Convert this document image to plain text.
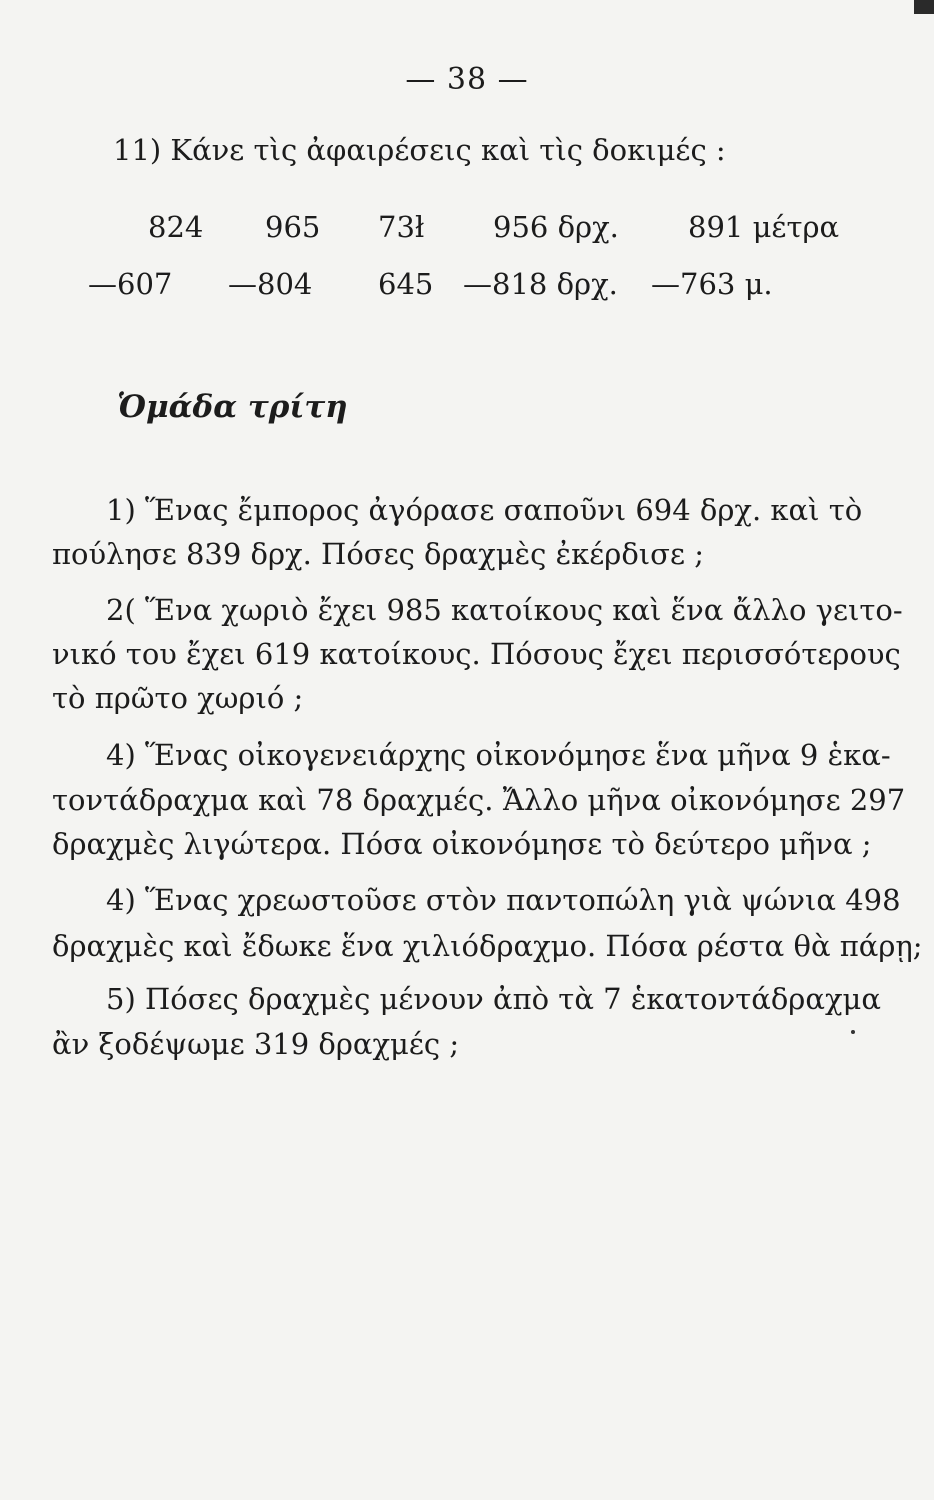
— 38 —
11) Κάνε τὶς ἀφαιρέσεις καὶ τὶς δοκιμές :
824 965 73ł 956 δρχ. 891 μέτρα
—607 —804 645 —818 δρχ. —763 μ.
Ὁμάδα τρίτη
1) Ἕνας ἔμπορος ἀγόρασε σαποῦνι 694 δρχ. καὶ τὸ
πούλησε 839 δρχ. Πόσες δραχμὲς ἐκέρδισε ;
2( Ἕνα χωριὸ ἔχει 985 κατοίκους καὶ ἕνα ἄλλο γειτο-
νικό του ἔχει 619 κατοίκους. Πόσους ἔχει περισσότερους
τὸ πρῶτο χωριό ;
4) Ἕνας οἰκογενειάρχης οἰκονόμησε ἕνα μῆνα 9 ἑκα-
τοντάδραχμα καὶ 78 δραχμές. Ἄλλο μῆνα οἰκονόμησε 297
δραχμὲς λιγώτερα. Πόσα οἰκονόμησε τὸ δεύτερο μῆνα ;
4) Ἕνας χρεωστοῦσε στὸν παντοπώλη γιὰ ψώνια 498
δραχμὲς καὶ ἔδωκε ἕνα χιλιόδραχμο. Πόσα ρέστα θὰ πάρῃ;
5) Πόσες δραχμὲς μένουν ἀπὸ τὰ 7 ἑκατοντάδραχμα
ἂν ξοδέψωμε 319 δραχμές ;
